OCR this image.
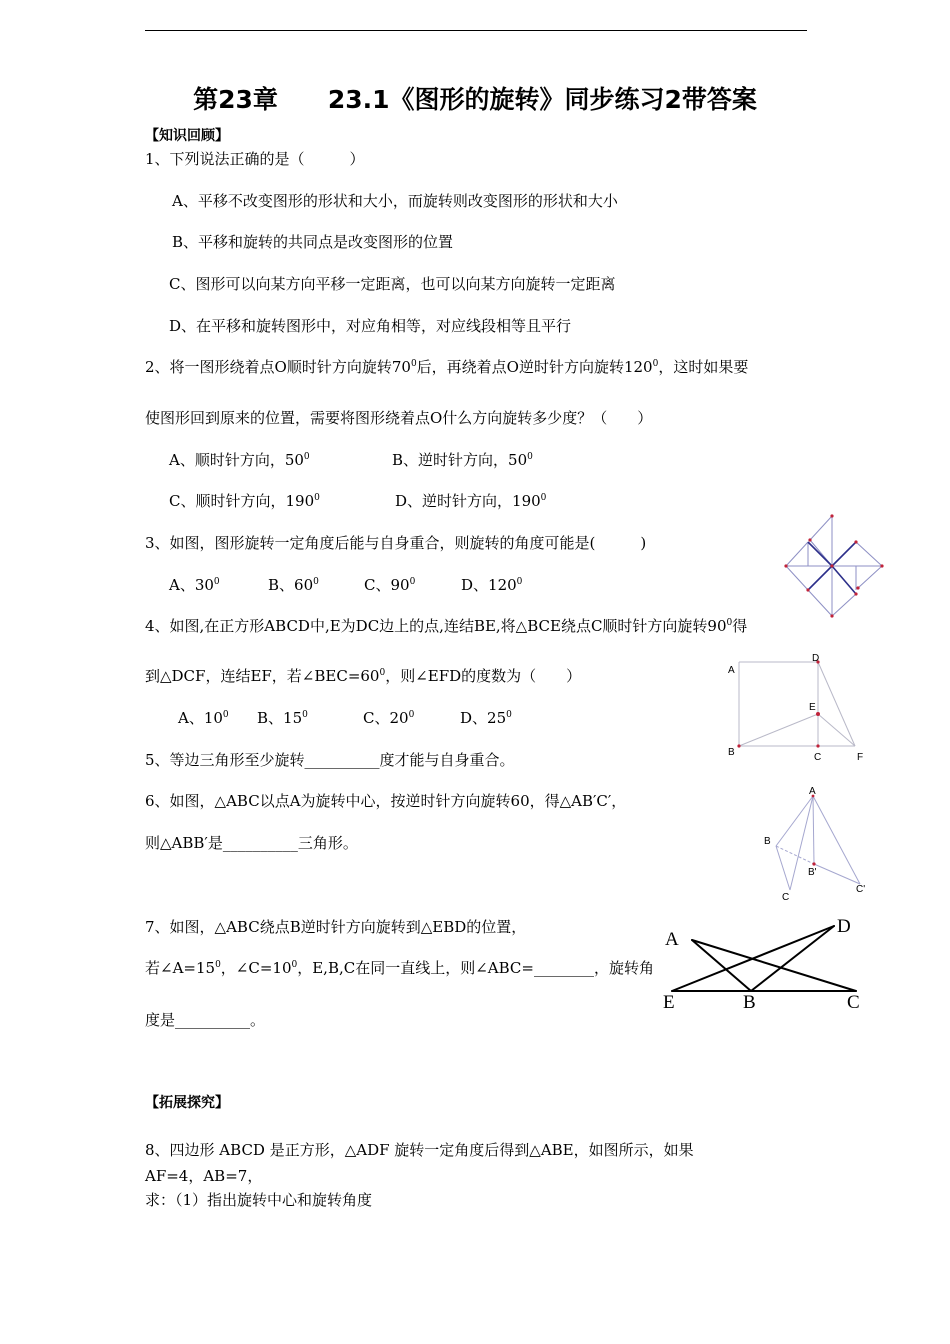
第23章　　23.1《图形的旋转》同步练习2带答案
【知识回顾】
1、下列说法正确的是（　　　）
A、平移不改变图形的形状和大小，而旋转则改变图形的形状和大小
B、平移和旋转的共同点是改变图形的位置
C、图形可以向某方向平移一定距离，也可以向某方向旋转一定距离
D、在平移和旋转图形中，对应角相等，对应线段相等且平行
2、将一图形绕着点O顺时针方向旋转$70^0$后，再绕着点O逆时针方向旋转$120^0$，这时如果要
使图形回到原来的位置，需要将图形绕着点O什么方向旋转多少度？（　　）
A、顺时针方向，$50^0$	B、逆时针方向，$50^0$
C、顺时针方向，$190^0$	D、逆时针方向，$190^0$
3、如图，图形旋转一定角度后能与自身重合，则旋转的角度可能是(　　　)
A、$30^0$	B、$60^0$	C、$90^0$	D、$120^0$
4、如图,在正方形ABCD中,E为DC边上的点,连结BE,将△BCE绕点C顺时针方向旋转$90^0$得
到△DCF，连结EF，若$\angle BEC=60^0$，则∠EFD的度数为（　　）
A、$10^0$ B、$15^0$	C、$20^0$	D、$25^0$
A
D
E
B	C	F
5、等边三角形至少旋转__________度才能与自身重合。
6、如图，△ABC以点A为旋转中心，按逆时针方向旋转60，得△AB′C′，
则△ABB′是__________三角形。
A
B
B'
C
C'
7、如图，△ABC绕点B逆时针方向旋转到△EBD的位置，
若$\angle A=15^0$，$\angle C=10^0$，E,B,C在同一直线上，则∠ABC=________，旋转角
度是__________。
A
D
E	B	C
【拓展探究】
8、四边形 ABCD 是正方形，△ADF 旋转一定角度后得到△ABE，如图所示，如果
AF=4，AB=7，
求：（1）指出旋转中心和旋转角度
